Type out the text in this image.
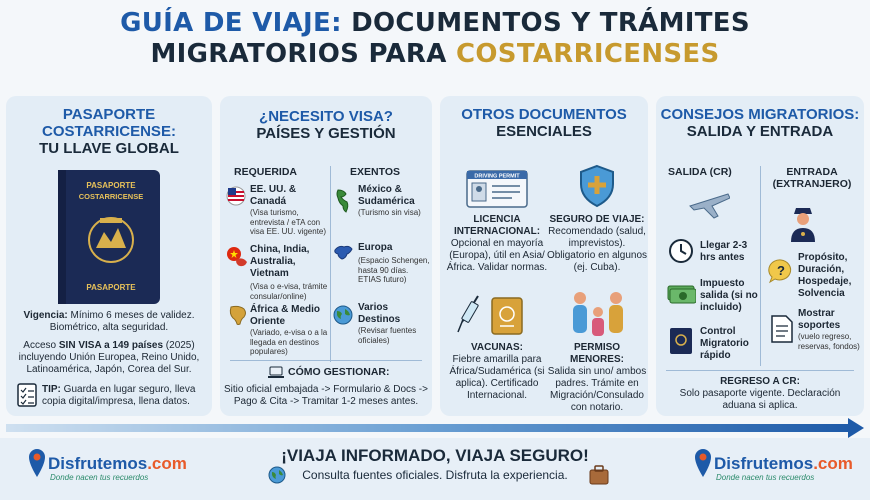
GUÍA DE VIAJE: DOCUMENTOS Y TRÁMITES
MIGRATORIOS PARA COSTARRICENSES
PASAPORTE COSTARRICENSE:
TU LLAVE GLOBAL
PASAPORTE
COSTARRICENSE
PASAPORTE
Vigencia: Mínimo 6 meses de validez. Biométrico, alta seguridad.
Acceso SIN VISA a 149 países (2025) incluyendo Unión Europea, Reino Unido, Latinoamérica, Japón, Corea del Sur.
TIP: Guarda en lugar seguro, lleva copia digital/impresa, llena datos.
¿NECESITO VISA?
PAÍSES Y GESTIÓN
REQUERIDA	EXENTOS
EE. UU. & Canadá
(Visa turismo, entrevista / eTA con visa EE. UU. vigente)
China, India, Australia, Vietnam
(Visa o e-visa, trámite consular/online)
África & Medio Oriente
(Variado, e-visa o a la llegada en destinos populares)
México & Sudamérica
(Turismo sin visa)
Europa
(Espacio Schengen, hasta 90 días. ETIAS futuro)
Varios Destinos
(Revisar fuentes oficiales)
CÓMO GESTIONAR:
Sitio oficial embajada -> Formulario & Docs -> Pago & Cita -> Tramitar 1-2 meses antes.
OTROS DOCUMENTOS
ESENCIALES
DRIVING PERMIT
LICENCIA INTERNACIONAL:
Opcional en mayoría (Europa), útil en Asia/África. Validar normas.
SEGURO DE VIAJE:
Recomendado (salud, imprevistos). Obligatorio en algunos (ej. Cuba).
VACUNAS:
Fiebre amarilla para África/Sudamérica (si aplica). Certificado Internacional.
PERMISO MENORES:
Salida sin uno/ ambos padres. Trámite en Migración/Consulado con notario.
CONSEJOS MIGRATORIOS:
SALIDA Y ENTRADA
SALIDA (CR)	ENTRADA (EXTRANJERO)
Llegar 2-3 hrs antes
Impuesto salida (si no incluido)
Control Migratorio rápido
?
Propósito, Duración, Hospedaje, Solvencia
Mostrar soportes
(vuelo regreso, reservas, fondos)
REGRESO A CR:
Solo pasaporte vigente. Declaración aduana si aplica.
Disfrutemos.com
Donde nacen tus recuerdos
¡VIAJA INFORMADO, VIAJA SEGURO!
Consulta fuentes oficiales. Disfruta la experiencia.
Disfrutemos.com
Donde nacen tus recuerdos
